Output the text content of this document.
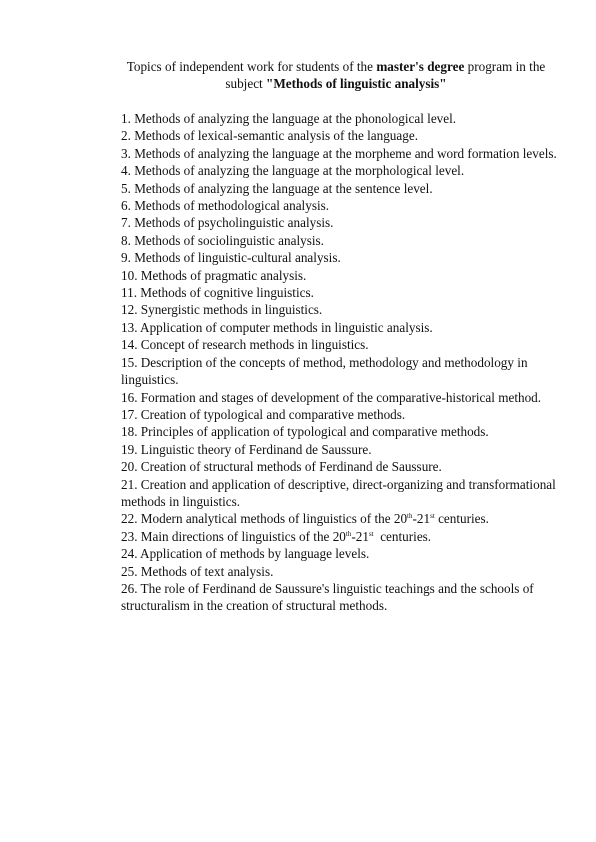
Topics of independent work for students of the master's degree program in the subject "Methods of linguistic analysis"
1. Methods of analyzing the language at the phonological level.
2. Methods of lexical-semantic analysis of the language.
3. Methods of analyzing the language at the morpheme and word formation levels.
4. Methods of analyzing the language at the morphological level.
5. Methods of analyzing the language at the sentence level.
6. Methods of methodological analysis.
7. Methods of psycholinguistic analysis.
8. Methods of sociolinguistic analysis.
9. Methods of linguistic-cultural analysis.
10. Methods of pragmatic analysis.
11. Methods of cognitive linguistics.
12. Synergistic methods in linguistics.
13. Application of computer methods in linguistic analysis.
14. Concept of research methods in linguistics.
15. Description of the concepts of method, methodology and methodology in linguistics.
16. Formation and stages of development of the comparative-historical method.
17. Creation of typological and comparative methods.
18. Principles of application of typological and comparative methods.
19. Linguistic theory of Ferdinand de Saussure.
20. Creation of structural methods of Ferdinand de Saussure.
21. Creation and application of descriptive, direct-organizing and transformational methods in linguistics.
22. Modern analytical methods of linguistics of the 20th-21st centuries.
23. Main directions of linguistics of the 20th-21st  centuries.
24. Application of methods by language levels.
25. Methods of text analysis.
26. The role of Ferdinand de Saussure's linguistic teachings and the schools of structuralism in the creation of structural methods.
